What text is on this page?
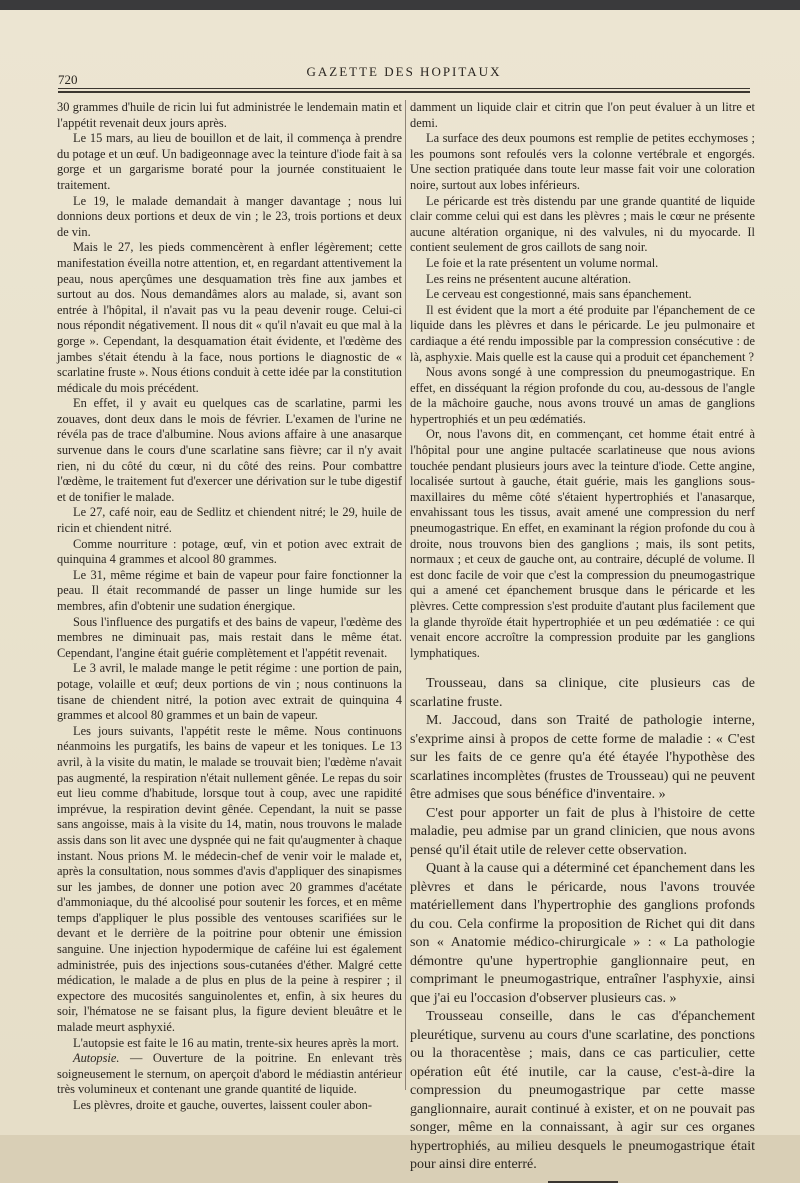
720
GAZETTE DES HOPITAUX

30 grammes d'huile de ricin lui fut administrée le lendemain matin et l'appétit revenait deux jours après.

Le 15 mars, au lieu de bouillon et de lait, il commença à prendre du potage et un œuf. Un badigeonnage avec la teinture d'iode fait à sa gorge et un gargarisme boraté pour la journée constituaient le traitement.

Le 19, le malade demandait à manger davantage ; nous lui donnions deux portions et deux de vin ; le 23, trois portions et deux de vin.

Mais le 27, les pieds commencèrent à enfler légèrement; cette manifestation éveilla notre attention, et, en regardant attentivement la peau, nous aperçûmes une desquamation très fine aux jambes et surtout au dos. Nous demandâmes alors au malade, si, avant son entrée à l'hôpital, il n'avait pas vu la peau devenir rouge. Celui-ci nous répondit négativement. Il nous dit « qu'il n'avait eu que mal à la gorge ». Cependant, la desquamation était évidente, et l'œdème des jambes s'était étendu à la face, nous portions le diagnostic de « scarlatine fruste ». Nous étions conduit à cette idée par la constitution médicale du mois précédent.

En effet, il y avait eu quelques cas de scarlatine, parmi les zouaves, dont deux dans le mois de février. L'examen de l'urine ne révéla pas de trace d'albumine. Nous avions affaire à une anasarque survenue dans le cours d'une scarlatine sans fièvre; car il n'y avait rien, ni du côté du cœur, ni du côté des reins. Pour combattre l'œdème, le traitement fut d'exercer une dérivation sur le tube digestif et de tonifier le malade.

Le 27, café noir, eau de Sedlitz et chiendent nitré; le 29, huile de ricin et chiendent nitré.

Comme nourriture : potage, œuf, vin et potion avec extrait de quinquina 4 grammes et alcool 80 grammes.

Le 31, même régime et bain de vapeur pour faire fonctionner la peau. Il était recommandé de passer un linge humide sur les membres, afin d'obtenir une sudation énergique.

Sous l'influence des purgatifs et des bains de vapeur, l'œdème des membres ne diminuait pas, mais restait dans le même état. Cependant, l'angine était guérie complètement et l'appétit revenait.

Le 3 avril, le malade mange le petit régime : une portion de pain, potage, volaille et œuf; deux portions de vin ; nous continuons la tisane de chiendent nitré, la potion avec extrait de quinquina 4 grammes et alcool 80 grammes et un bain de vapeur.

Les jours suivants, l'appétit reste le même. Nous continuons néanmoins les purgatifs, les bains de vapeur et les toniques. Le 13 avril, à la visite du matin, le malade se trouvait bien; l'œdème n'avait pas augmenté, la respiration n'était nullement gênée. Le repas du soir eut lieu comme d'habitude, lorsque tout à coup, avec une rapidité imprévue, la respiration devint gênée. Cependant, la nuit se passe sans angoisse, mais à la visite du 14, matin, nous trouvons le malade assis dans son lit avec une dyspnée qui ne fait qu'augmenter à chaque instant. Nous prions M. le médecin-chef de venir voir le malade et, après la consultation, nous sommes d'avis d'appliquer des sinapismes sur les jambes, de donner une potion avec 20 grammes d'acétate d'ammoniaque, du thé alcoolisé pour soutenir les forces, et en même temps d'appliquer le plus possible des ventouses scarifiées sur le devant et le derrière de la poitrine pour obtenir une émission sanguine. Une injection hypodermique de caféine lui est également administrée, puis des injections sous-cutanées d'éther. Malgré cette médication, le malade a de plus en plus de la peine à respirer ; il expectore des mucosités sanguinolentes et, enfin, à six heures du soir, l'hématose ne se faisant plus, la figure devient bleuâtre et le malade meurt asphyxié.

L'autopsie est faite le 16 au matin, trente-six heures après la mort.

Autopsie. — Ouverture de la poitrine. En enlevant très soigneusement le sternum, on aperçoit d'abord le médiastin antérieur très volumineux et contenant une grande quantité de liquide.

Les plèvres, droite et gauche, ouvertes, laissent couler abon-

damment un liquide clair et citrin que l'on peut évaluer à un litre et demi.

La surface des deux poumons est remplie de petites ecchymoses ; les poumons sont refoulés vers la colonne vertébrale et engorgés. Une section pratiquée dans toute leur masse fait voir une coloration noire, surtout aux lobes inférieurs.

Le péricarde est très distendu par une grande quantité de liquide clair comme celui qui est dans les plèvres ; mais le cœur ne présente aucune altération organique, ni des valvules, ni du myocarde. Il contient seulement de gros caillots de sang noir.

Le foie et la rate présentent un volume normal.

Les reins ne présentent aucune altération.

Le cerveau est congestionné, mais sans épanchement.

Il est évident que la mort a été produite par l'épanchement de ce liquide dans les plèvres et dans le péricarde. Le jeu pulmonaire et cardiaque a été rendu impossible par la compression consécutive : de là, asphyxie. Mais quelle est la cause qui a produit cet épanchement ?

Nous avons songé à une compression du pneumogastrique. En effet, en disséquant la région profonde du cou, au-dessous de l'angle de la mâchoire gauche, nous avons trouvé un amas de ganglions hypertrophiés et un peu œdématiés.

Or, nous l'avons dit, en commençant, cet homme était entré à l'hôpital pour une angine pultacée scarlatineuse que nous avions touchée pendant plusieurs jours avec la teinture d'iode. Cette angine, localisée surtout à gauche, était guérie, mais les ganglions sous-maxillaires du même côté s'étaient hypertrophiés et l'anasarque, envahissant tous les tissus, avait amené une compression du nerf pneumogastrique. En effet, en examinant la région profonde du cou à droite, nous trouvons bien des ganglions ; mais, ils sont petits, normaux ; et ceux de gauche ont, au contraire, décuplé de volume. Il est donc facile de voir que c'est la compression du pneumogastrique qui a amené cet épanchement brusque dans le péricarde et les plèvres. Cette compression s'est produite d'autant plus facilement que la glande thyroïde était hypertrophiée et un peu œdématiée : ce qui venait encore accroître la compression produite par les ganglions lymphatiques.

Trousseau, dans sa clinique, cite plusieurs cas de scarlatine fruste.

M. Jaccoud, dans son Traité de pathologie interne, s'exprime ainsi à propos de cette forme de maladie : « C'est sur les faits de ce genre qu'a été étayée l'hypothèse des scarlatines incomplètes (frustes de Trousseau) qui ne peuvent être admises que sous bénéfice d'inventaire. »

C'est pour apporter un fait de plus à l'histoire de cette maladie, peu admise par un grand clinicien, que nous avons pensé qu'il était utile de relever cette observation.

Quant à la cause qui a déterminé cet épanchement dans les plèvres et dans le péricarde, nous l'avons trouvée matériellement dans l'hypertrophie des ganglions profonds du cou. Cela confirme la proposition de Richet qui dit dans son « Anatomie médico-chirurgicale » : « La pathologie démontre qu'une hypertrophie ganglionnaire peut, en comprimant le pneumogastrique, entraîner l'asphyxie, ainsi que j'ai eu l'occasion d'observer plusieurs cas. »

Trousseau conseille, dans le cas d'épanchement pleurétique, survenu au cours d'une scarlatine, des ponctions ou la thoracentèse ; mais, dans ce cas particulier, cette opération eût été inutile, car la cause, c'est-à-dire la compression du pneumogastrique par cette masse ganglionnaire, aurait continué à exister, et on ne pouvait pas songer, même en la connaissant, à agir sur ces organes hypertrophiés, au milieu desquels le pneumogastrique était pour ainsi dire enterré.
